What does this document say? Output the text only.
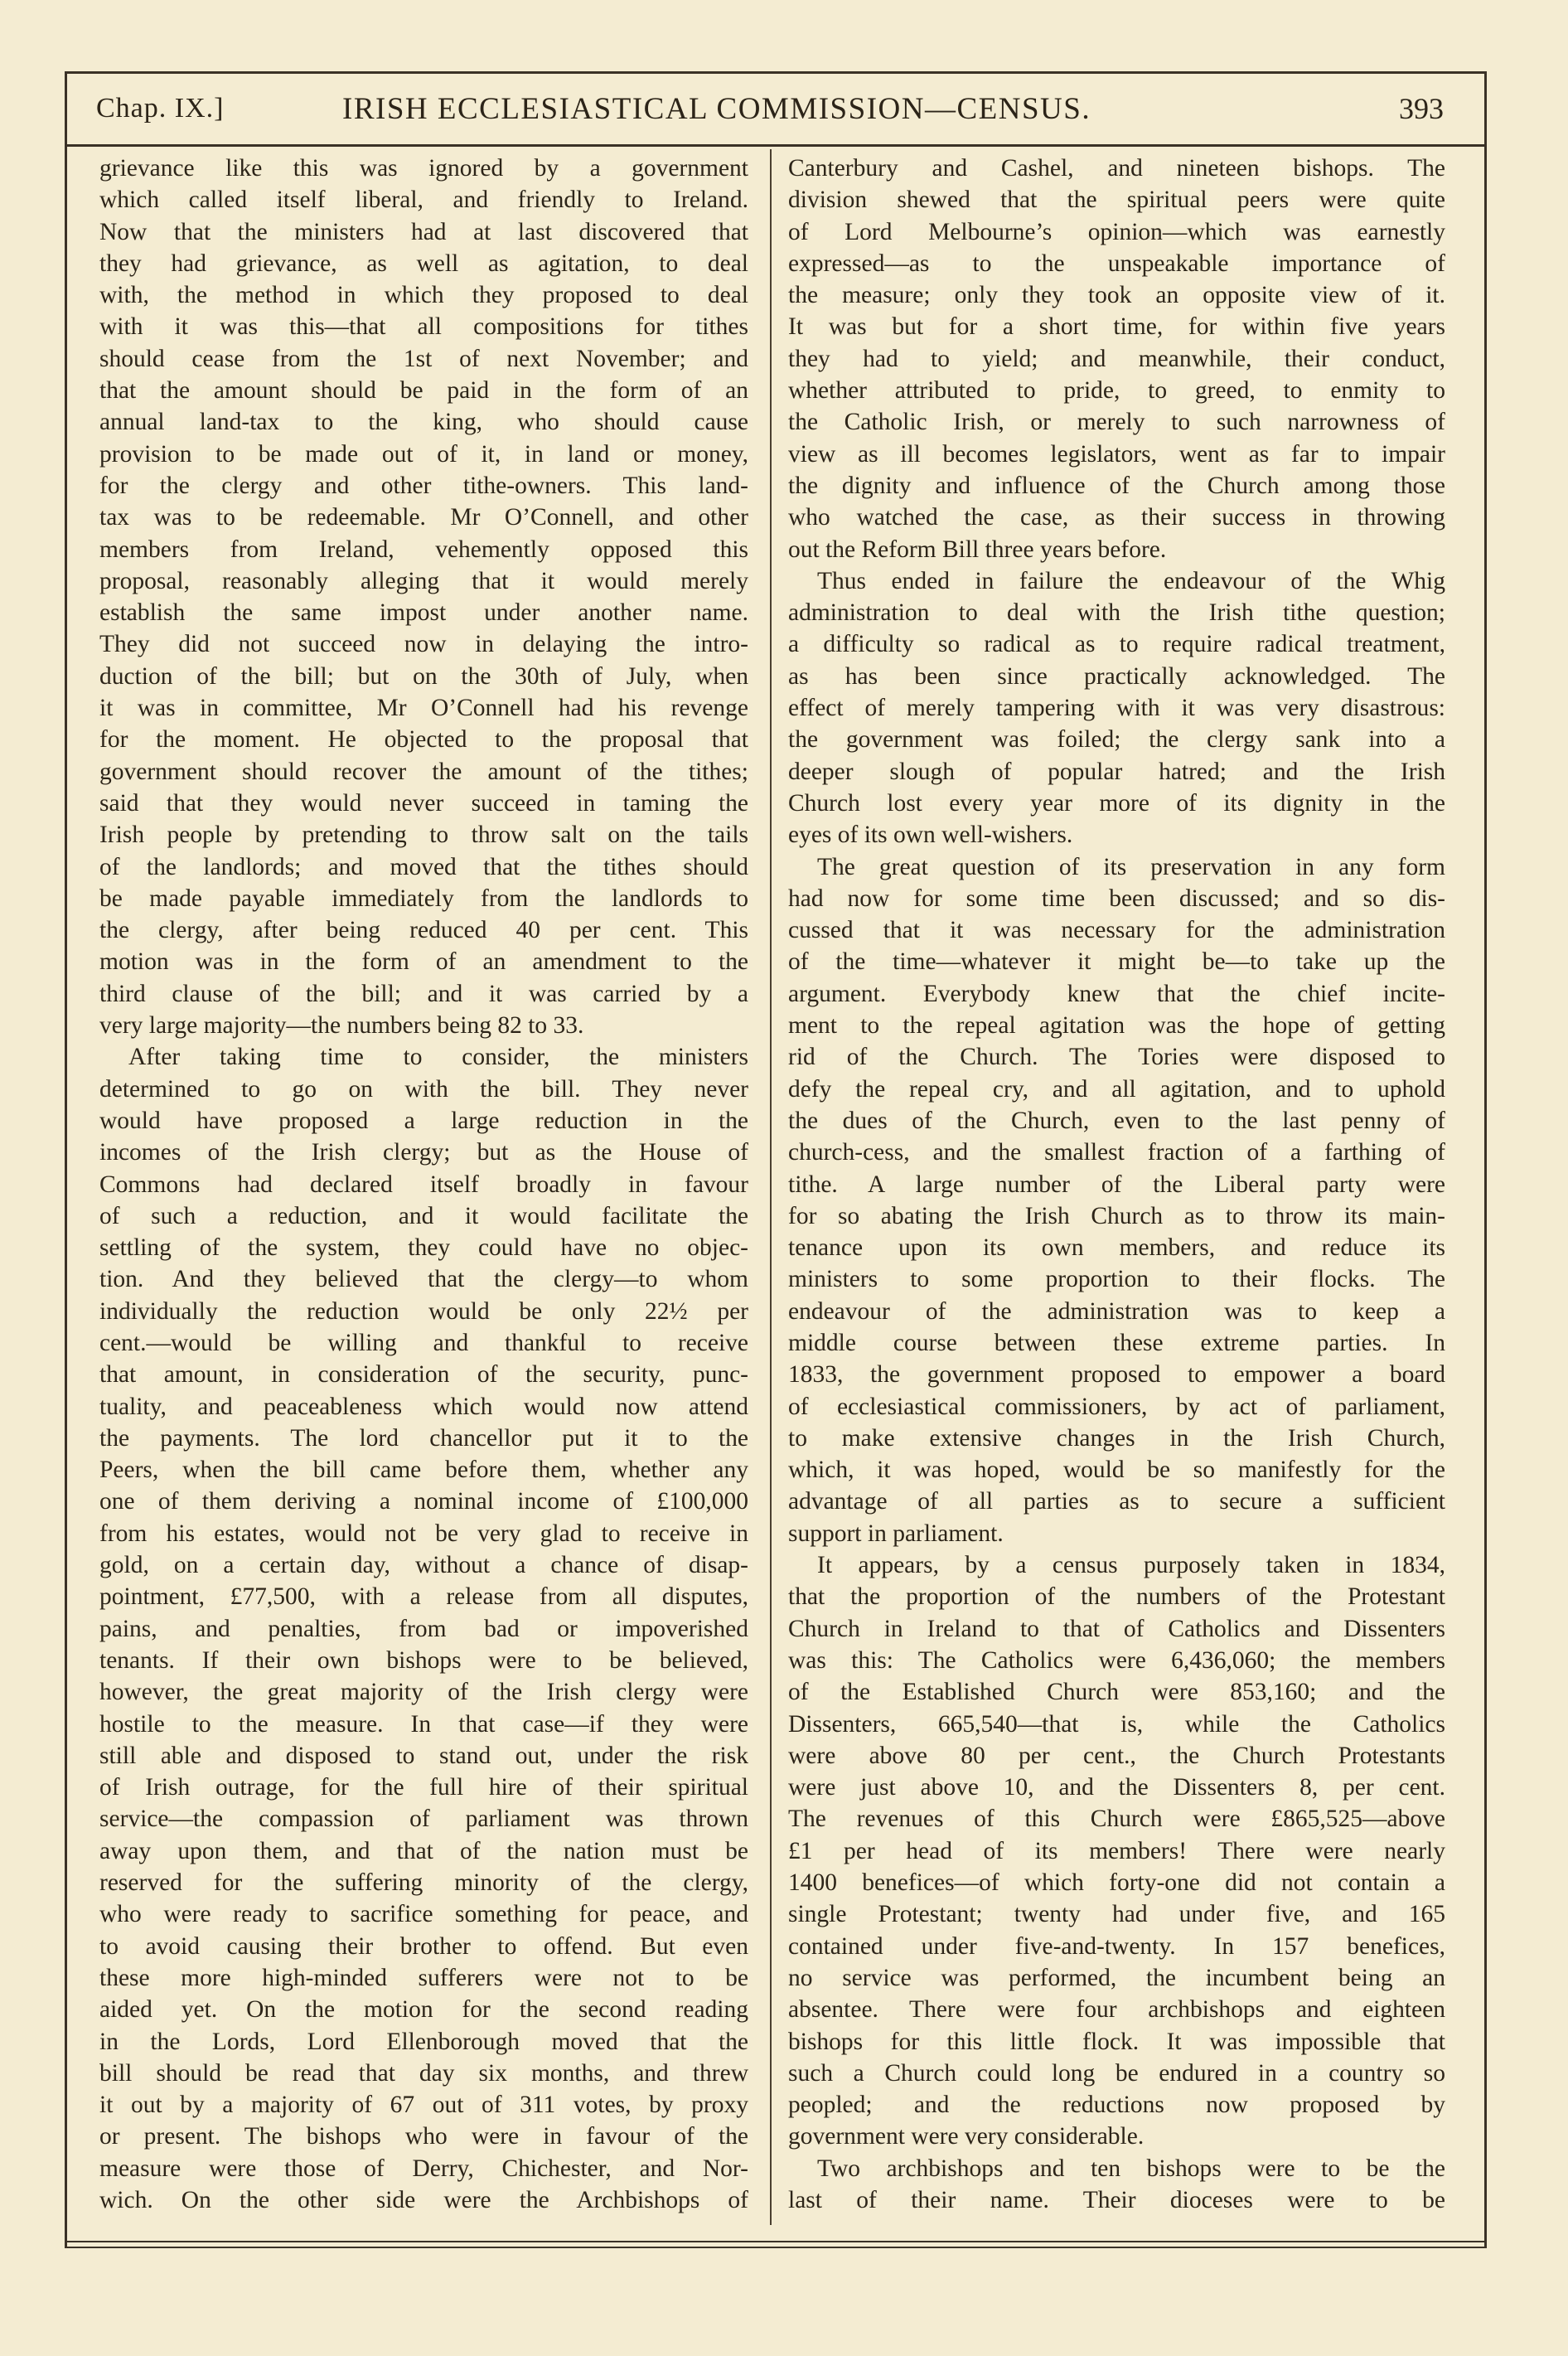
Chap. IX.]	IRISH ECCLESIASTICAL COMMISSION—CENSUS.	393
grievance like this was ignored by a government
which called itself liberal, and friendly to Ireland.
Now that the ministers had at last discovered that
they had grievance, as well as agitation, to deal
with, the method in which they proposed to deal
with it was this—that all compositions for tithes
should cease from the 1st of next November; and
that the amount should be paid in the form of an
annual land-tax to the king, who should cause
provision to be made out of it, in land or money,
for the clergy and other tithe-owners. This land-
tax was to be redeemable. Mr O’Connell, and other
members from Ireland, vehemently opposed this
proposal, reasonably alleging that it would merely
establish the same impost under another name.
They did not succeed now in delaying the intro-
duction of the bill; but on the 30th of July, when
it was in committee, Mr O’Connell had his revenge
for the moment. He objected to the proposal that
government should recover the amount of the tithes;
said that they would never succeed in taming the
Irish people by pretending to throw salt on the tails
of the landlords; and moved that the tithes should
be made payable immediately from the landlords to
the clergy, after being reduced 40 per cent. This
motion was in the form of an amendment to the
third clause of the bill; and it was carried by a
very large majority—the numbers being 82 to 33.
After taking time to consider, the ministers
determined to go on with the bill. They never
would have proposed a large reduction in the
incomes of the Irish clergy; but as the House of
Commons had declared itself broadly in favour
of such a reduction, and it would facilitate the
settling of the system, they could have no objec-
tion. And they believed that the clergy—to whom
individually the reduction would be only 22½ per
cent.—would be willing and thankful to receive
that amount, in consideration of the security, punc-
tuality, and peaceableness which would now attend
the payments. The lord chancellor put it to the
Peers, when the bill came before them, whether any
one of them deriving a nominal income of £100,000
from his estates, would not be very glad to receive in
gold, on a certain day, without a chance of disap-
pointment, £77,500, with a release from all disputes,
pains, and penalties, from bad or impoverished
tenants. If their own bishops were to be believed,
however, the great majority of the Irish clergy were
hostile to the measure. In that case—if they were
still able and disposed to stand out, under the risk
of Irish outrage, for the full hire of their spiritual
service—the compassion of parliament was thrown
away upon them, and that of the nation must be
reserved for the suffering minority of the clergy,
who were ready to sacrifice something for peace, and
to avoid causing their brother to offend. But even
these more high-minded sufferers were not to be
aided yet. On the motion for the second reading
in the Lords, Lord Ellenborough moved that the
bill should be read that day six months, and threw
it out by a majority of 67 out of 311 votes, by proxy
or present. The bishops who were in favour of the
measure were those of Derry, Chichester, and Nor-
wich. On the other side were the Archbishops of
Canterbury and Cashel, and nineteen bishops. The
division shewed that the spiritual peers were quite
of Lord Melbourne’s opinion—which was earnestly
expressed—as to the unspeakable importance of
the measure; only they took an opposite view of it.
It was but for a short time, for within five years
they had to yield; and meanwhile, their conduct,
whether attributed to pride, to greed, to enmity to
the Catholic Irish, or merely to such narrowness of
view as ill becomes legislators, went as far to impair
the dignity and influence of the Church among those
who watched the case, as their success in throwing
out the Reform Bill three years before.
Thus ended in failure the endeavour of the Whig
administration to deal with the Irish tithe question;
a difficulty so radical as to require radical treatment,
as has been since practically acknowledged. The
effect of merely tampering with it was very disastrous:
the government was foiled; the clergy sank into a
deeper slough of popular hatred; and the Irish
Church lost every year more of its dignity in the
eyes of its own well-wishers.
The great question of its preservation in any form
had now for some time been discussed; and so dis-
cussed that it was necessary for the administration
of the time—whatever it might be—to take up the
argument. Everybody knew that the chief incite-
ment to the repeal agitation was the hope of getting
rid of the Church. The Tories were disposed to
defy the repeal cry, and all agitation, and to uphold
the dues of the Church, even to the last penny of
church-cess, and the smallest fraction of a farthing of
tithe. A large number of the Liberal party were
for so abating the Irish Church as to throw its main-
tenance upon its own members, and reduce its
ministers to some proportion to their flocks. The
endeavour of the administration was to keep a
middle course between these extreme parties. In
1833, the government proposed to empower a board
of ecclesiastical commissioners, by act of parliament,
to make extensive changes in the Irish Church,
which, it was hoped, would be so manifestly for the
advantage of all parties as to secure a sufficient
support in parliament.
It appears, by a census purposely taken in 1834,
that the proportion of the numbers of the Protestant
Church in Ireland to that of Catholics and Dissenters
was this: The Catholics were 6,436,060; the members
of the Established Church were 853,160; and the
Dissenters, 665,540—that is, while the Catholics
were above 80 per cent., the Church Protestants
were just above 10, and the Dissenters 8, per cent.
The revenues of this Church were £865,525—above
£1 per head of its members! There were nearly
1400 benefices—of which forty-one did not contain a
single Protestant; twenty had under five, and 165
contained under five-and-twenty. In 157 benefices,
no service was performed, the incumbent being an
absentee. There were four archbishops and eighteen
bishops for this little flock. It was impossible that
such a Church could long be endured in a country so
peopled; and the reductions now proposed by
government were very considerable.
Two archbishops and ten bishops were to be the
last of their name. Their dioceses were to be
